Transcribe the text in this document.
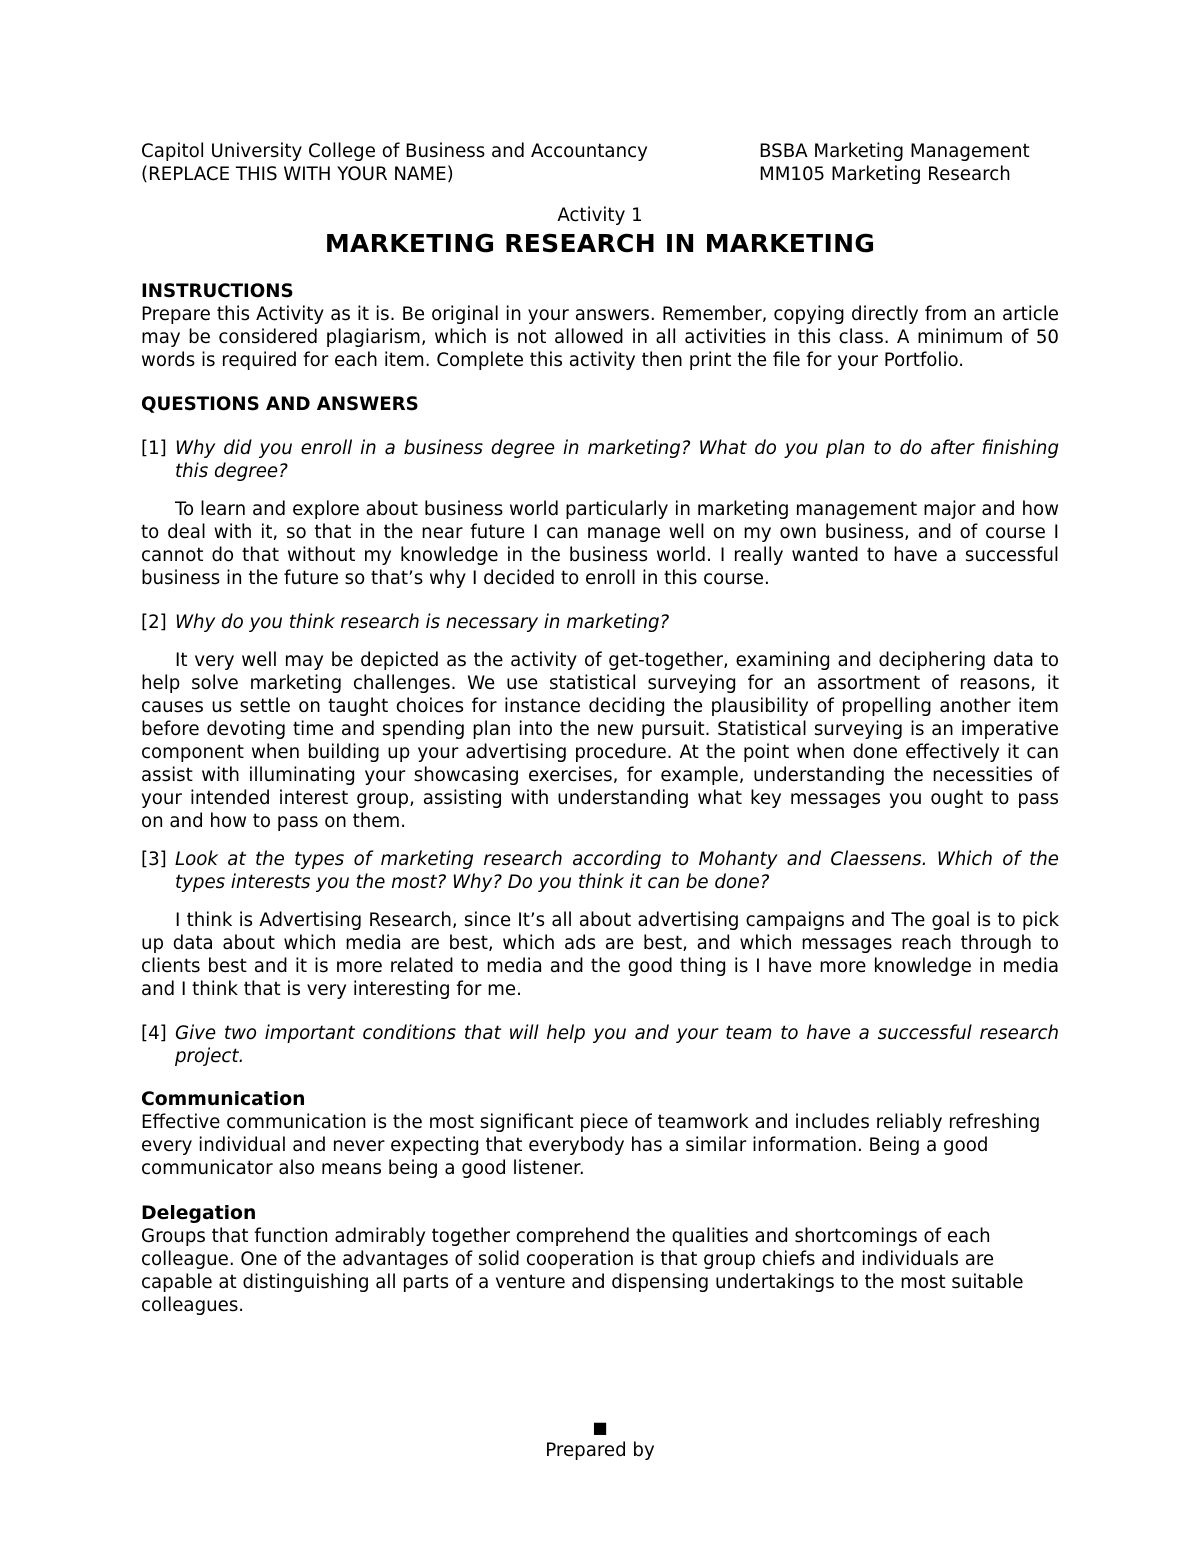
Capitol University College of Business and Accountancy
(REPLACE THIS WITH YOUR NAME)
BSBA Marketing Management
MM105 Marketing Research
Activity 1
MARKETING RESEARCH IN MARKETING
INSTRUCTIONS
Prepare this Activity as it is. Be original in your answers. Remember, copying directly from an article may be considered plagiarism, which is not allowed in all activities in this class. A minimum of 50 words is required for each item. Complete this activity then print the file for your Portfolio.
QUESTIONS AND ANSWERS
[1] Why did you enroll in a business degree in marketing? What do you plan to do after finishing this degree?
To learn and explore about business world particularly in marketing management major and how to deal with it, so that in the near future I can manage well on my own business, and of course I cannot do that without my knowledge in the business world. I really wanted to have a successful business in the future so that’s why I decided to enroll in this course.
[2] Why do you think research is necessary in marketing?
It very well may be depicted as the activity of get-together, examining and deciphering data to help solve marketing challenges. We use statistical surveying for an assortment of reasons, it causes us settle on taught choices for instance deciding the plausibility of propelling another item before devoting time and spending plan into the new pursuit. Statistical surveying is an imperative component when building up your advertising procedure. At the point when done effectively it can assist with illuminating your showcasing exercises, for example, understanding the necessities of your intended interest group, assisting with understanding what key messages you ought to pass on and how to pass on them.
[3] Look at the types of marketing research according to Mohanty and Claessens. Which of the types interests you the most? Why? Do you think it can be done?
I think is Advertising Research, since It’s all about advertising campaigns and The goal is to pick up data about which media are best, which ads are best, and which messages reach through to clients best and it is more related to media and the good thing is I have more knowledge in media and I think that is very interesting for me.
[4] Give two important conditions that will help you and your team to have a successful research project.
Communication
Effective communication is the most significant piece of teamwork and includes reliably refreshing every individual and never expecting that everybody has a similar information. Being a good communicator also means being a good listener.
Delegation
Groups that function admirably together comprehend the qualities and shortcomings of each colleague. One of the advantages of solid cooperation is that group chiefs and individuals are capable at distinguishing all parts of a venture and dispensing undertakings to the most suitable colleagues.
■
Prepared by
